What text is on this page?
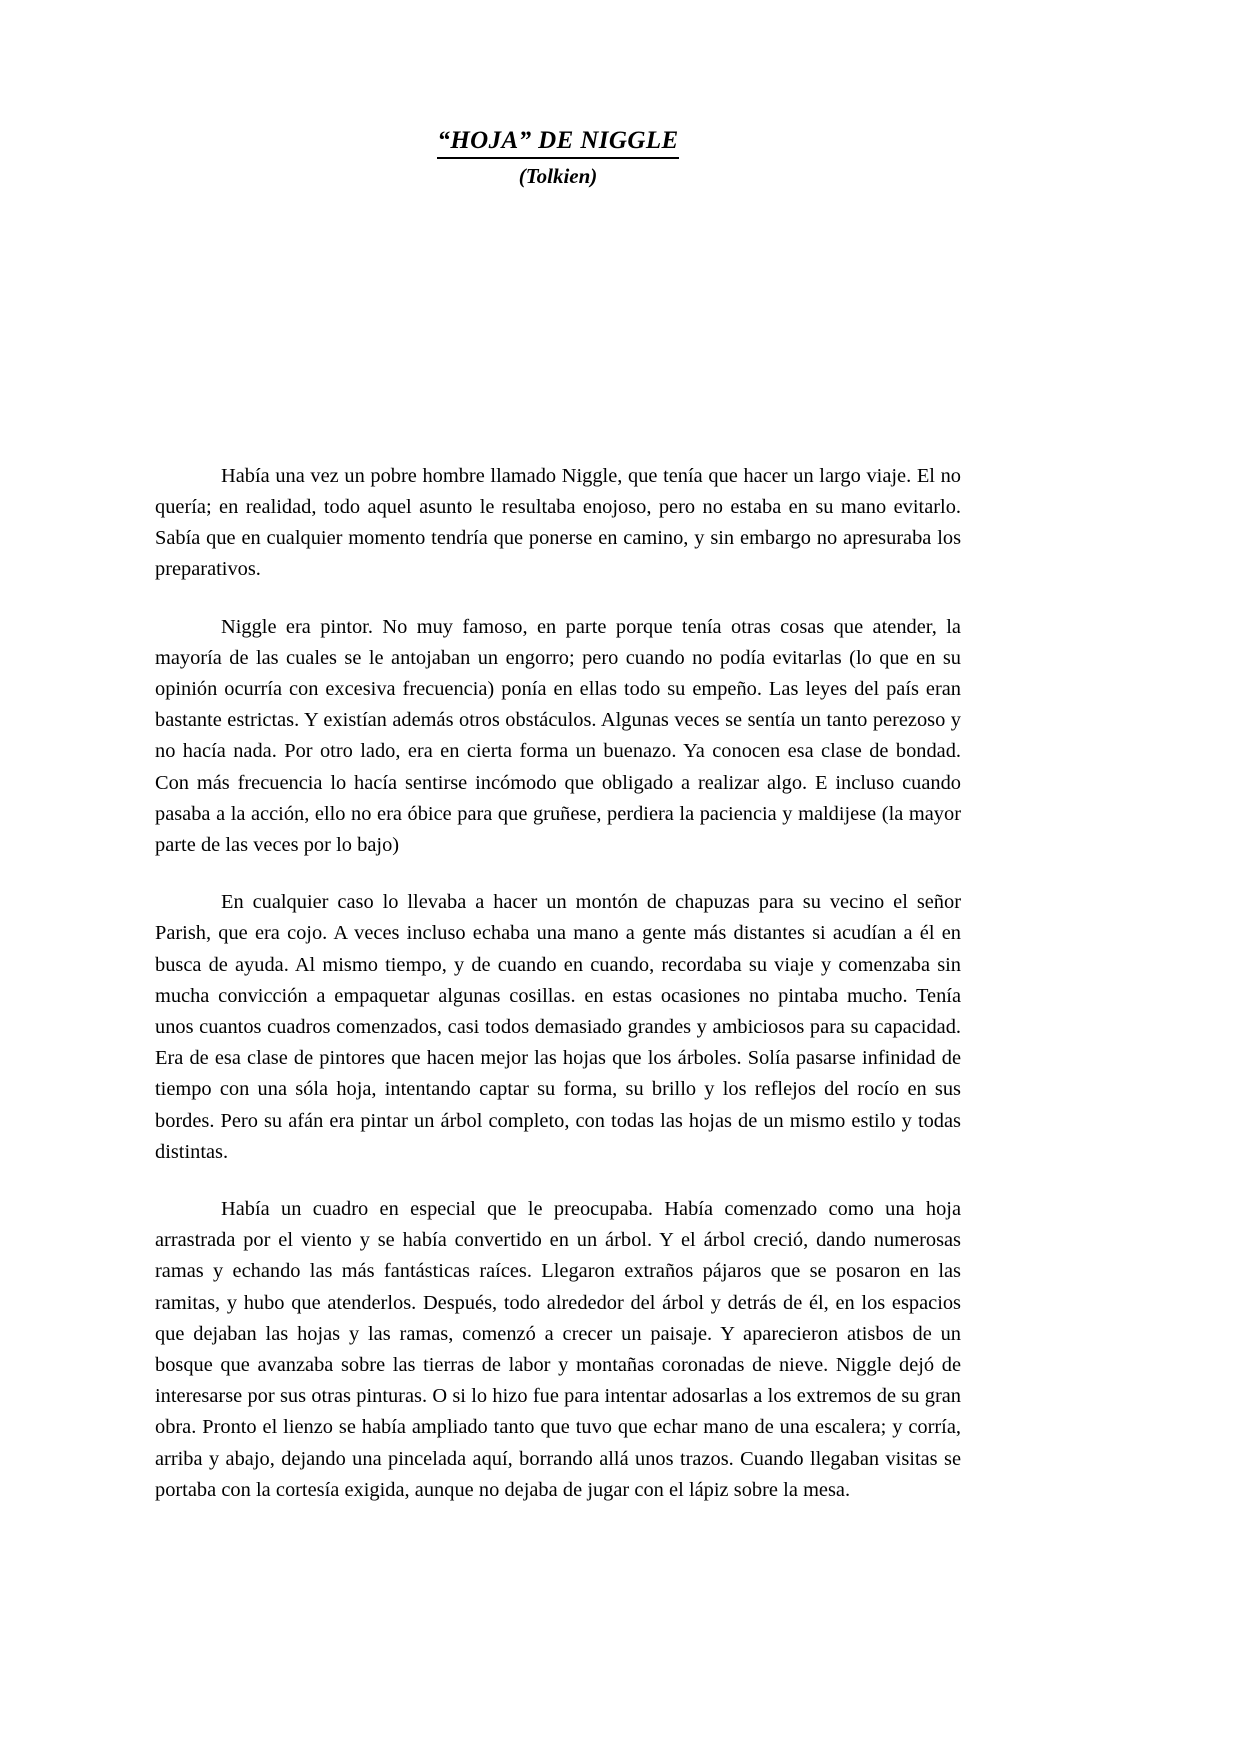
“HOJA” DE NIGGLE
(Tolkien)

Había una vez un pobre hombre llamado Niggle, que tenía que hacer un largo viaje. El no quería; en realidad, todo aquel asunto le resultaba enojoso, pero no estaba en su mano evitarlo. Sabía que en cualquier momento tendría que ponerse en camino, y sin embargo no apresuraba los preparativos.

Niggle era pintor. No muy famoso, en parte porque tenía otras cosas que atender, la mayoría de las cuales se le antojaban un engorro; pero cuando no podía evitarlas (lo que en su opinión ocurría con excesiva frecuencia) ponía en ellas todo su empeño. Las leyes del país eran bastante estrictas. Y existían además otros obstáculos. Algunas veces se sentía un tanto perezoso y no hacía nada. Por otro lado, era en cierta forma un buenazo. Ya conocen esa clase de bondad. Con más frecuencia lo hacía sentirse incómodo que obligado a realizar algo. E incluso cuando pasaba a la acción, ello no era óbice para que gruñese, perdiera la paciencia y maldijese (la mayor parte de las veces por lo bajo)

En cualquier caso lo llevaba a hacer un montón de chapuzas para su vecino el señor Parish, que era cojo. A veces incluso echaba una mano a gente más distantes si acudían a él en busca de ayuda. Al mismo tiempo, y de cuando en cuando, recordaba su viaje y comenzaba sin mucha convicción a empaquetar algunas cosillas. en estas ocasiones no pintaba mucho. Tenía unos cuantos cuadros comenzados, casi todos demasiado grandes y ambiciosos para su capacidad. Era de esa clase de pintores que hacen mejor las hojas que los árboles. Solía pasarse infinidad de tiempo con una sóla hoja, intentando captar su forma, su brillo y los reflejos del rocío en sus bordes. Pero su afán era pintar un árbol completo, con todas las hojas de un mismo estilo y todas distintas.

Había un cuadro en especial que le preocupaba. Había comenzado como una hoja arrastrada por el viento y se había convertido en un árbol. Y el árbol creció, dando numerosas ramas y echando las más fantásticas raíces. Llegaron extraños pájaros que se posaron en las ramitas, y hubo que atenderlos. Después, todo alrededor del árbol y detrás de él, en los espacios que dejaban las hojas y las ramas, comenzó a crecer un paisaje. Y aparecieron atisbos de un bosque que avanzaba sobre las tierras de labor y montañas coronadas de nieve. Niggle dejó de interesarse por sus otras pinturas. O si lo hizo fue para intentar adosarlas a los extremos de su gran obra. Pronto el lienzo se había ampliado tanto que tuvo que echar mano de una escalera; y corría, arriba y abajo, dejando una pincelada aquí, borrando allá unos trazos. Cuando llegaban visitas se portaba con la cortesía exigida, aunque no dejaba de jugar con el lápiz sobre la mesa.
